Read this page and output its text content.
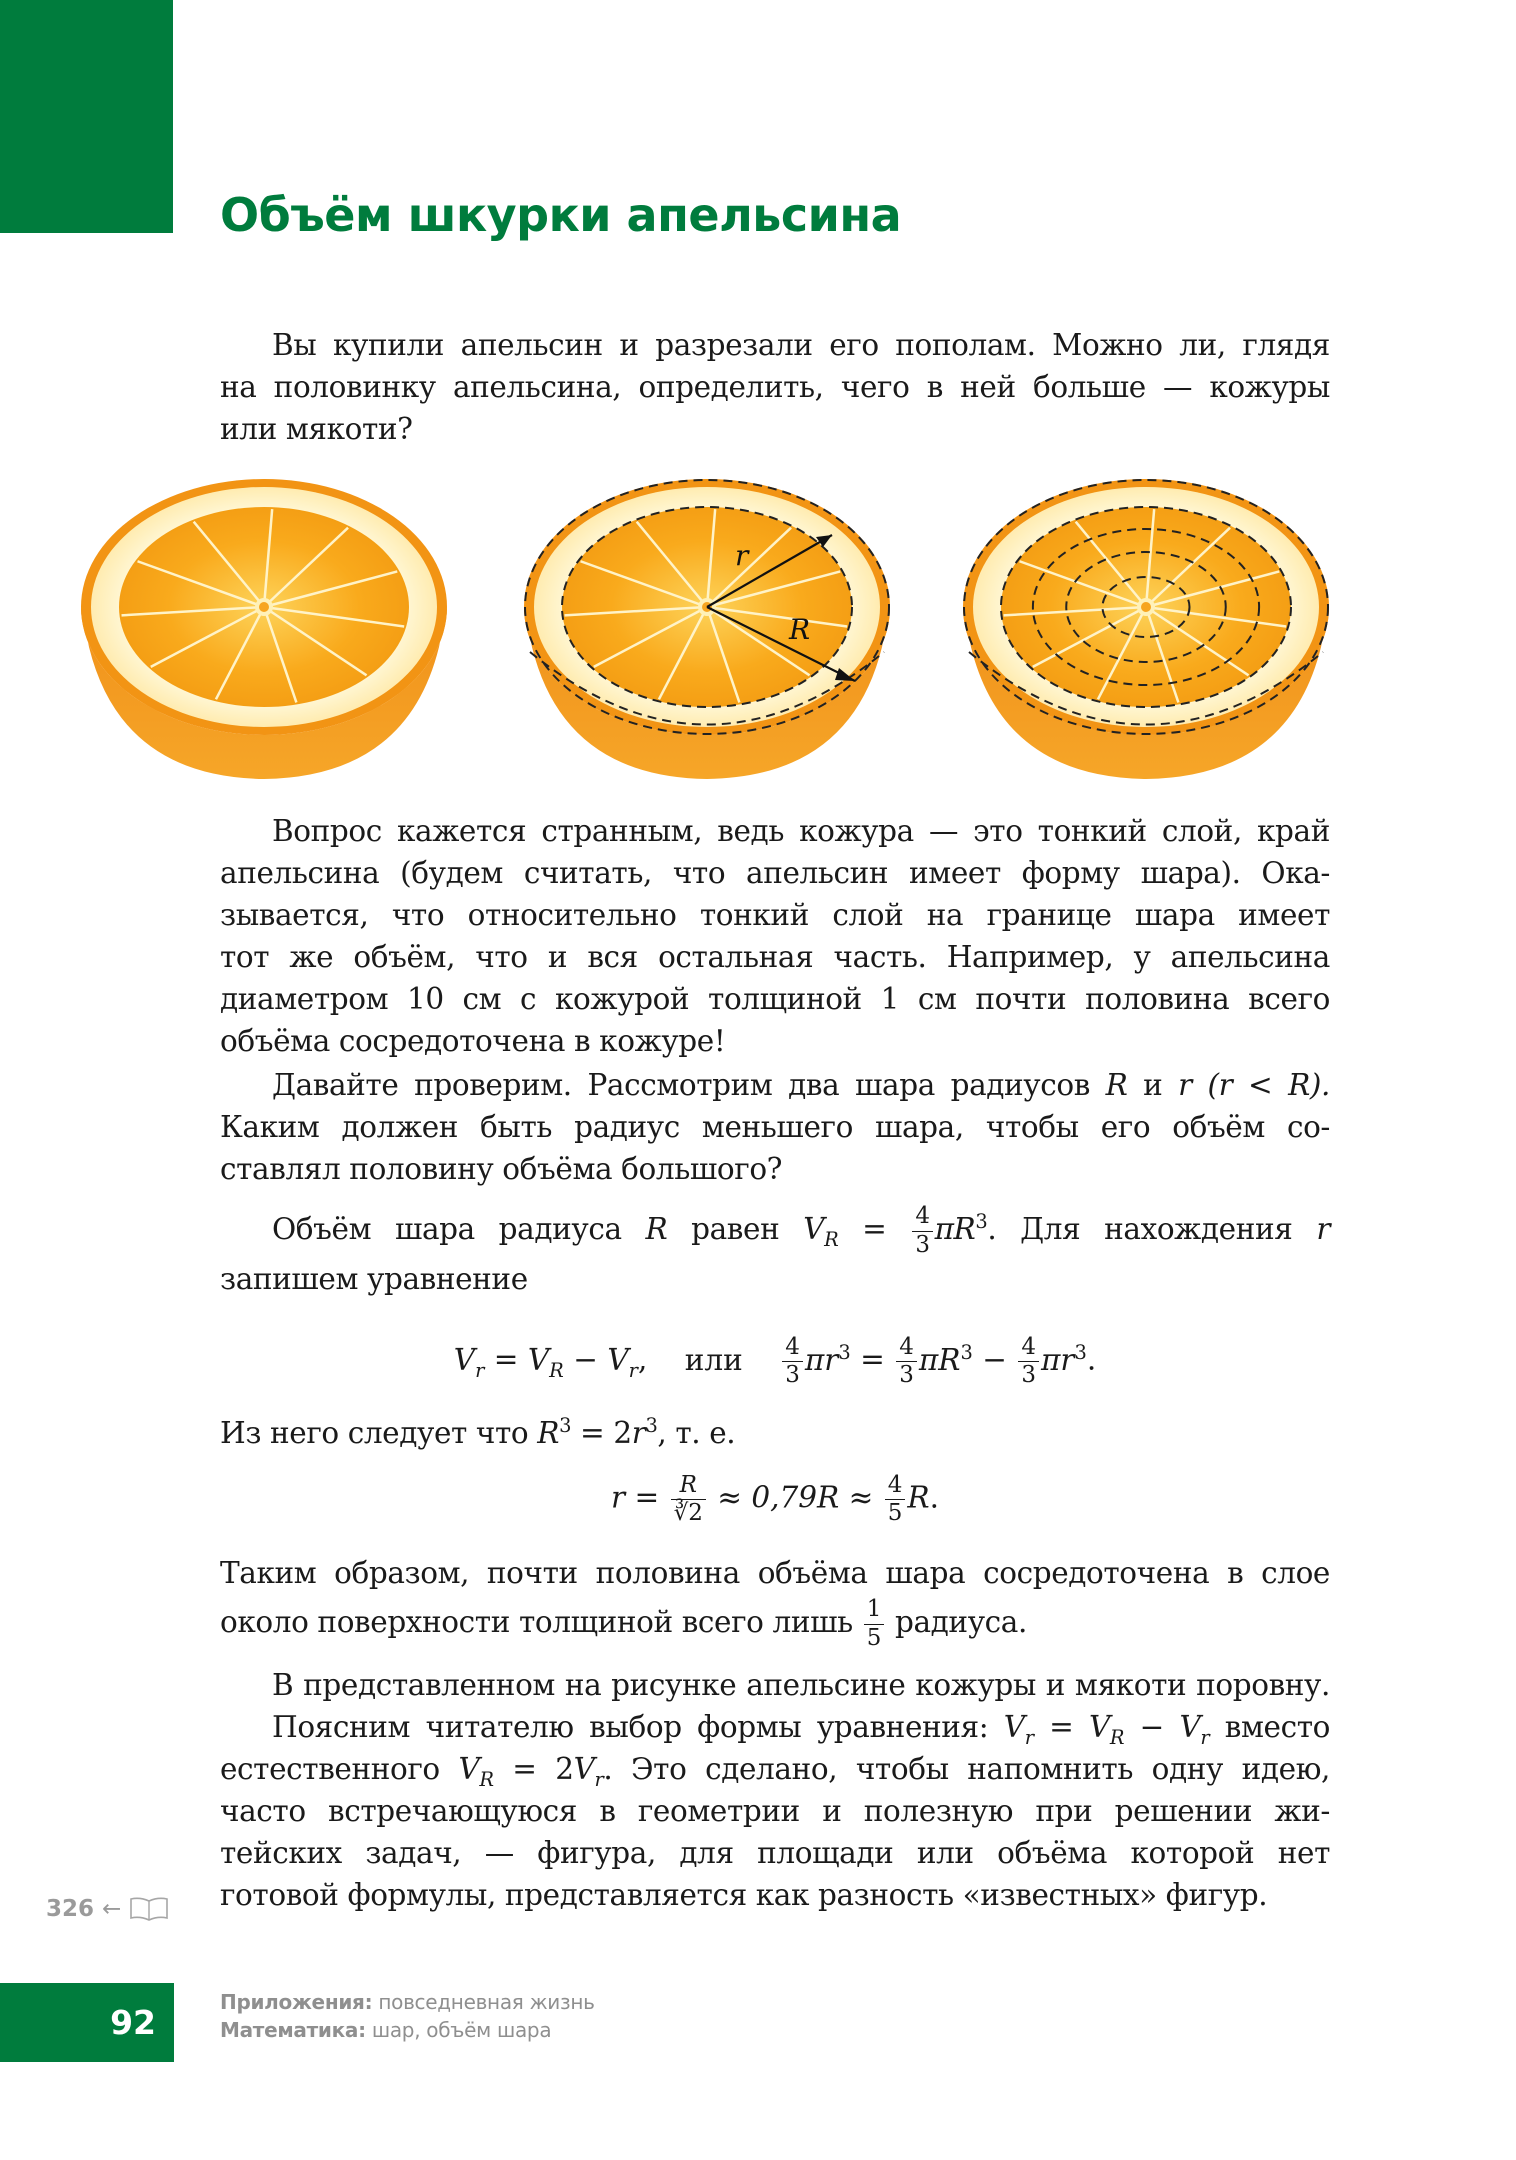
Объём шкурки апельсина
Вы купили апельсин и разрезали его пополам. Можно ли, глядя
на половинку апельсина, определить, чего в ней больше — кожуры
или мякоти?
r
R
Вопрос кажется странным, ведь кожура — это тонкий слой, край
апельсина (будем считать, что апельсин имеет форму шара). Ока-
зывается, что относительно тонкий слой на границе шара имеет
тот же объём, что и вся остальная часть. Например, у апельсина
диаметром 10 см с кожурой толщиной 1 см почти половина всего
объёма сосредоточена в кожуре!
Давайте проверим. Рассмотрим два шара радиусов R и r (r < R).
Каким должен быть радиус меньшего шара, чтобы его объём со-
ставлял половину объёма большого?
Объём шара радиуса R равен $V_R = \frac{4}{3} \pi R^3$. Для нахождения r
запишем уравнение
$V_r = V_R - V_r$, или $\frac{4}{3} \pi r^3 = \frac{4}{3} \pi R^3 - \frac{4}{3} \pi r^3$.
Из него следует что $R^3 = 2r^3$, т. е.
$r = \frac{R}{∛2} \approx 0,79R \approx \frac{4}{5} R$.
Таким образом, почти половина объёма шара сосредоточена в слое
около поверхности толщиной всего лишь $\frac{1}{5}$ радиуса.
В представленном на рисунке апельсине кожуры и мякоти поровну.
Поясним читателю выбор формы уравнения: $V_r = V_R - V_r$ вместо
естественного $V_R = 2V_r$. Это сделано, чтобы напомнить одну идею,
часто встречающуюся в геометрии и полезную при решении жи-
тейских задач, — фигура, для площади или объёма которой нет
готовой формулы, представляется как разность «известных» фигур.
326 ←
92
Приложения: повседневная жизнь
Математика: шар, объём шара
